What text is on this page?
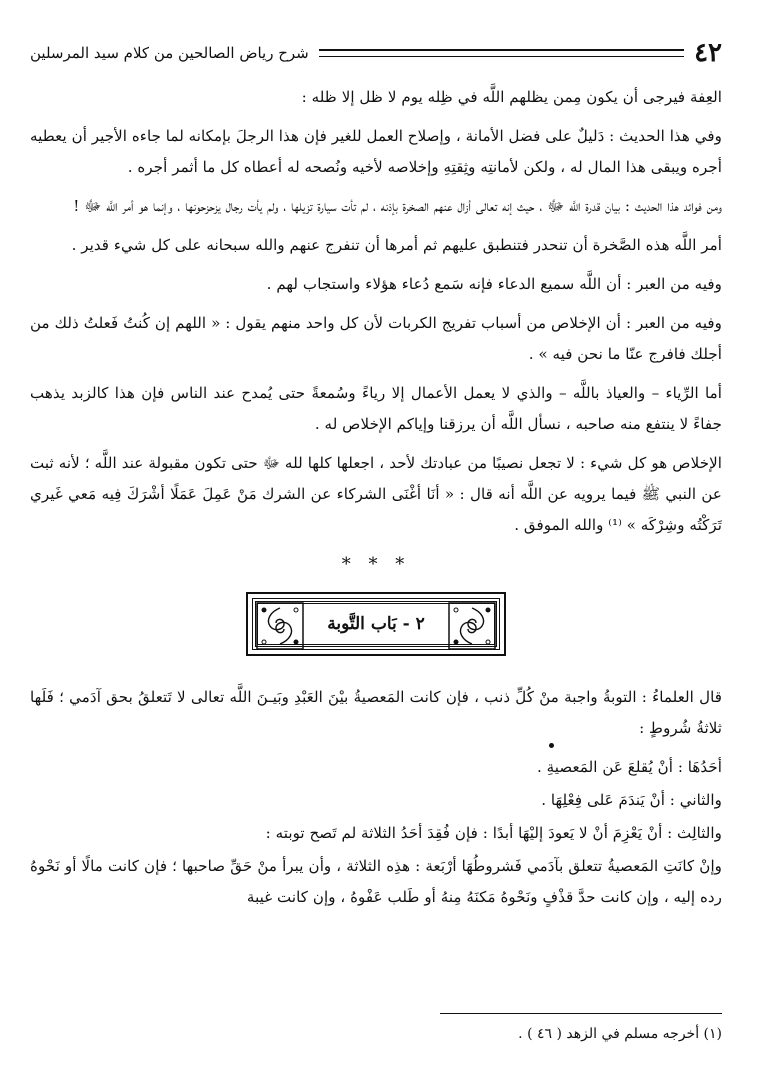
٤٢
شرح رياض الصالحين من كلام سيد المرسلين

العِفة فيرجى أن يكون مِمن يظلهم اللَّه في ظِله يوم لا ظل إلا ظله :

وفي هذا الحديث : دَليلٌ على فضل الأمانة ، وإصلاح العمل للغير فإن هذا الرجلَ بإمكانه لما جاءه الأجير أن يعطيه أجره ويبقى هذا المال له ، ولكن لأمانتِه وثِقتِهِ وإخلاصه لأخيه ونُصحه له أعطاه كل ما أثمر أجره .

ومن فوائد هذا الحديث : بيان قدرة اللَّه ﷻ ، حيث إنه تعالى أزال عنهم الصخرة بإذنه ، لم تأت سيارة تزيلها ، ولم يأت رجال يزحزحونها ، وإنما هو أمر اللَّه ﷻ !

أمر اللَّه هذه الصَّخرة أن تنحدر فتنطبق عليهم ثم أمرها أن تنفرج عنهم والله سبحانه على كل شيء قدير .

وفيه من العبر : أن اللَّه سميع الدعاء فإنه سَمع دُعاء هؤلاء واستجاب لهم .

وفيه من العبر : أن الإخلاص من أسباب تفريج الكربات لأن كل واحد منهم يقول : « اللهم إن كُنتُ فَعلتُ ذلك من أجلك فافرج عنّا ما نحن فيه » .

أما الرِّياء – والعياذ باللَّه – والذي لا يعمل الأعمال إلا رياءً وسُمعةً حتى يُمدح عند الناس فإن هذا كالزبد يذهب جفاءً لا ينتفع منه صاحبه ، نسأل اللَّه أن يرزقنا وإياكم الإخلاص له .

الإخلاص هو كل شيء : لا تجعل نصيبًا من عبادتك لأحد ، اجعلها كلها لله ﷻ حتى تكون مقبولة عند اللَّه ؛ لأنه ثبت عن النبي ﷺ فيما يرويه عن اللَّه أنه قال : « أنَا أغْنَى الشركاء عن الشرك مَنْ عَمِلَ عَمَلًا أشْرَكَ فِيه مَعي غَيري تَرَكْتُه وشِرْكَه » ⁽¹⁾ والله الموفق .

* * *
٢ - بَاب التَّوبة

قال العلماءُ : التوبةُ واجبة منْ كُلِّ ذنب ، فإن كانت المَعصيةُ بيْنَ العَبْدِ وبَيـنَ اللَّه تعالى لا تَتعلقُ بحق آدَمي ؛ فَلَها ثلاثةُ شُروطٍ :

أحَدُهَا : أنْ يُقلعَ عَن المَعصيةِ .

والثاني : أنْ يَندَمَ عَلى فِعْلِهَا .

والثالِث : أنْ يَعْزِمَ أنْ لا يَعودَ إليْهَا أبدًا : فإن فُقِدَ أحَدُ الثلاثة لم تَصح توبته :

وإنْ كانَتِ المَعصيةُ تتعلق بآدَمي فَشروطُهَا أرْبَعة : هذِه الثلاثة ، وأن يبرأ منْ حَقِّ صاحبها ؛ فإن كانت مالًا أو نَحْوهُ رده إليه ، وإن كانت حدَّ قذْفٍ ونَحْوهُ مَكنَهُ مِنهُ أو طَلب عَفْوهُ ، وإن كانت غيبة

(١) أخرجه مسلم في الزهد ( ٤٦ ) .
